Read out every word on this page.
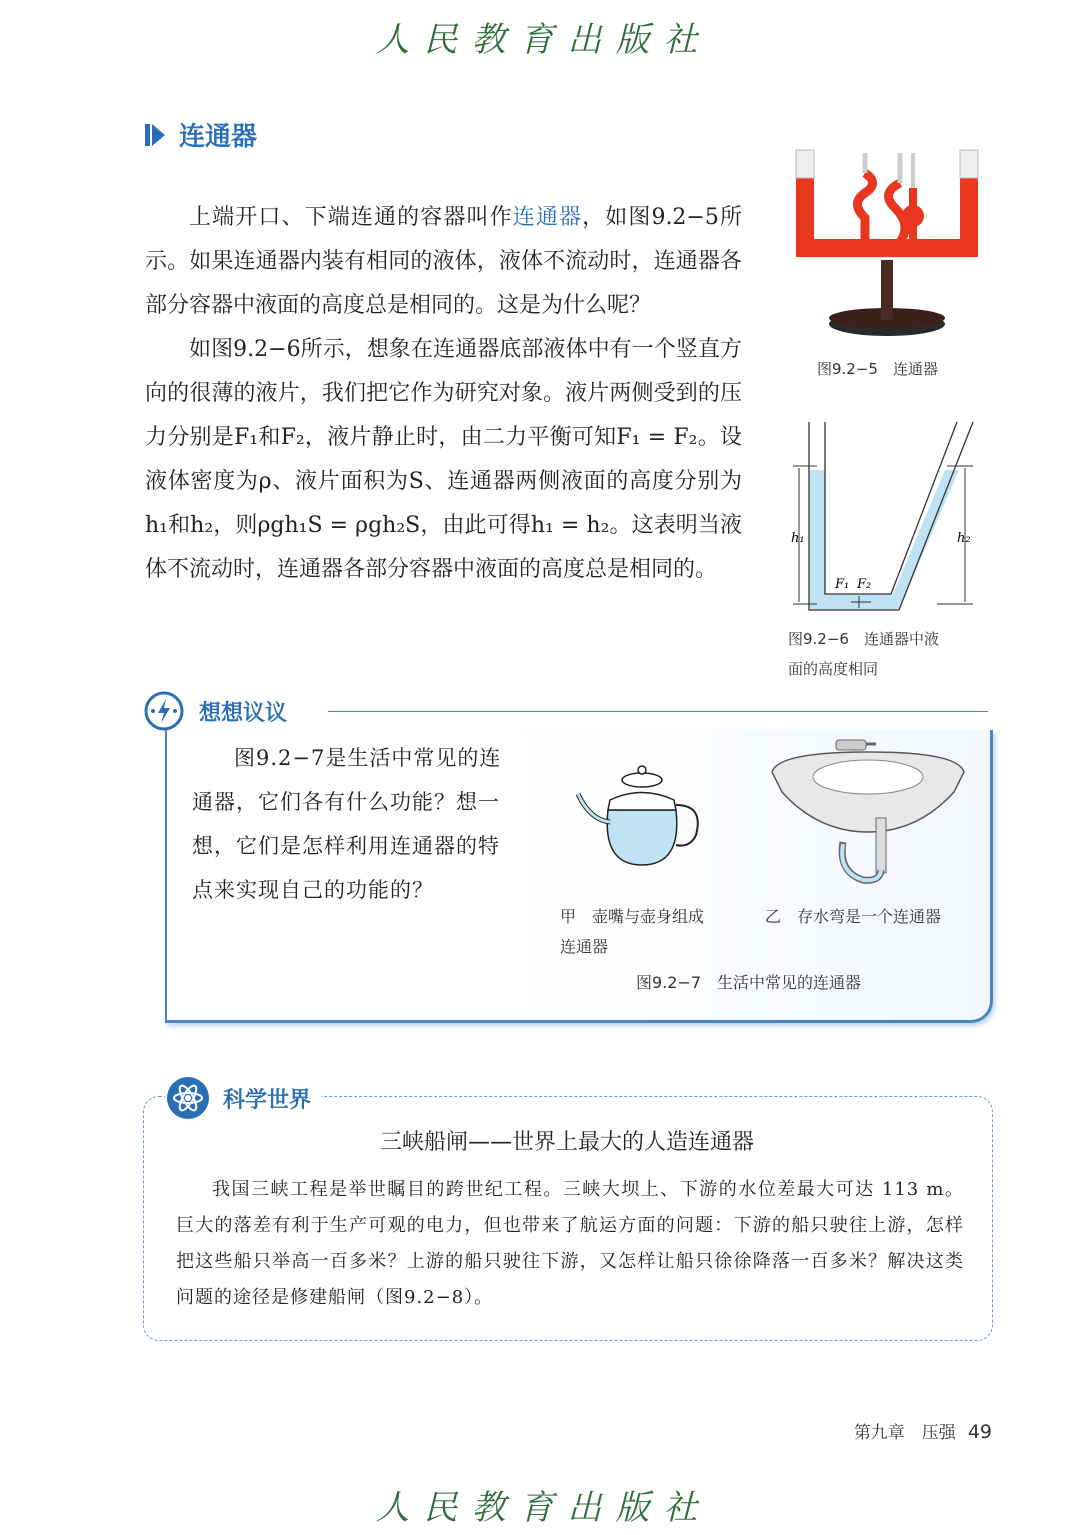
人民教育出版社
连通器

上端开口、下端连通的容器叫作连通器，如图9.2−5所示。如果连通器内装有相同的液体，液体不流动时，连通器各部分容器中液面的高度总是相同的。这是为什么呢？

如图9.2−6所示，想象在连通器底部液体中有一个竖直方向的很薄的液片，我们把它作为研究对象。液片两侧受到的压力分别是F₁和F₂，液片静止时，由二力平衡可知F₁ = F₂。设液体密度为ρ、液片面积为S、连通器两侧液面的高度分别为h₁和h₂，则ρgh₁S = ρgh₂S，由此可得h₁ = h₂。这表明当液体不流动时，连通器各部分容器中液面的高度总是相同的。

图9.2−5　连通器
h₁	h₂
F₁ F₂
图9.2−6　连通器中液
面的高度相同
想想议议

图9.2−7是生活中常见的连通器，它们各有什么功能？想一想，它们是怎样利用连通器的特点来实现自己的功能的？

甲　壶嘴与壶身组成
连通器
乙　存水弯是一个连通器
图9.2−7　生活中常见的连通器
科学世界
三峡船闸——世界上最大的人造连通器

我国三峡工程是举世瞩目的跨世纪工程。三峡大坝上、下游的水位差最大可达 113 m。巨大的落差有利于生产可观的电力，但也带来了航运方面的问题：下游的船只驶往上游，怎样把这些船只举高一百多米？上游的船只驶往下游，又怎样让船只徐徐降落一百多米？解决这类问题的途径是修建船闸（图9.2−8）。

第九章　压强 49
人民教育出版社
